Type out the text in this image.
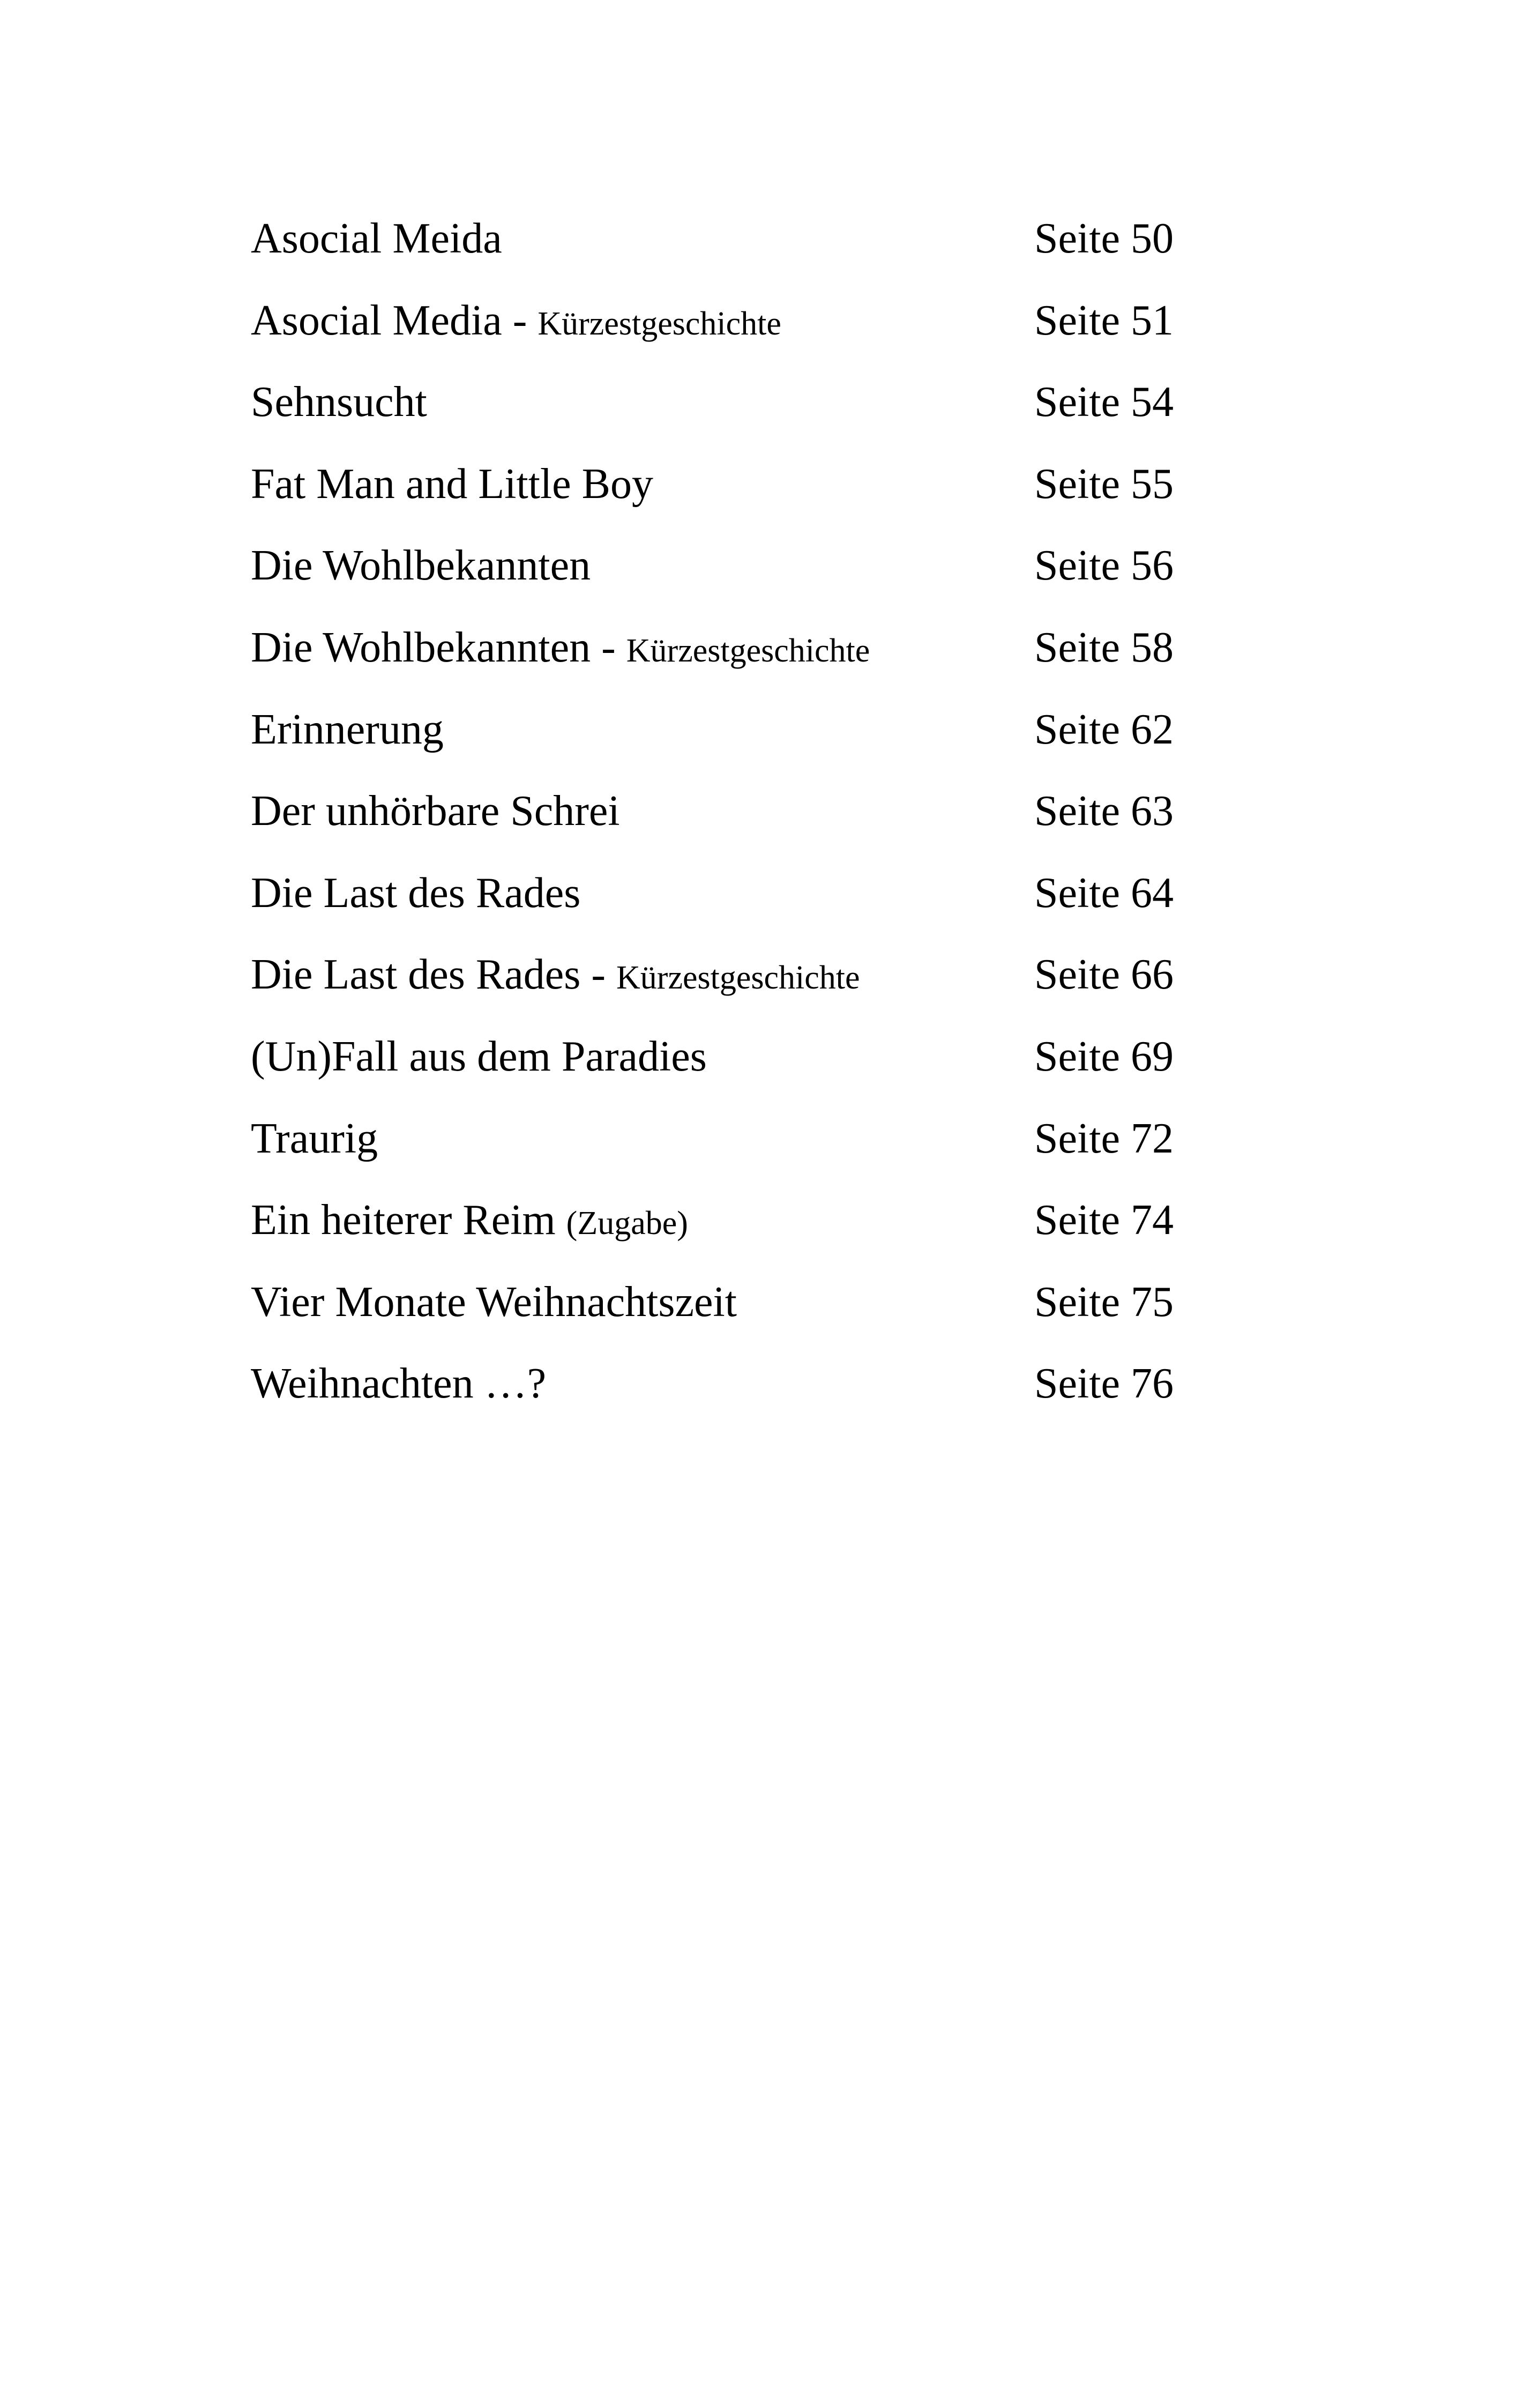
Asocial Meida	Seite 50
Asocial Media - Kürzestgeschichte	Seite 51
Sehnsucht	Seite 54
Fat Man and Little Boy	Seite 55
Die Wohlbekannten	Seite 56
Die Wohlbekannten - Kürzestgeschichte	Seite 58
Erinnerung	Seite 62
Der unhörbare Schrei	Seite 63
Die Last des Rades	Seite 64
Die Last des Rades - Kürzestgeschichte	Seite 66
(Un)Fall aus dem Paradies	Seite 69
Traurig	Seite 72
Ein heiterer Reim (Zugabe)	Seite 74
Vier Monate Weihnachtszeit	Seite 75
Weihnachten …?	Seite 76
